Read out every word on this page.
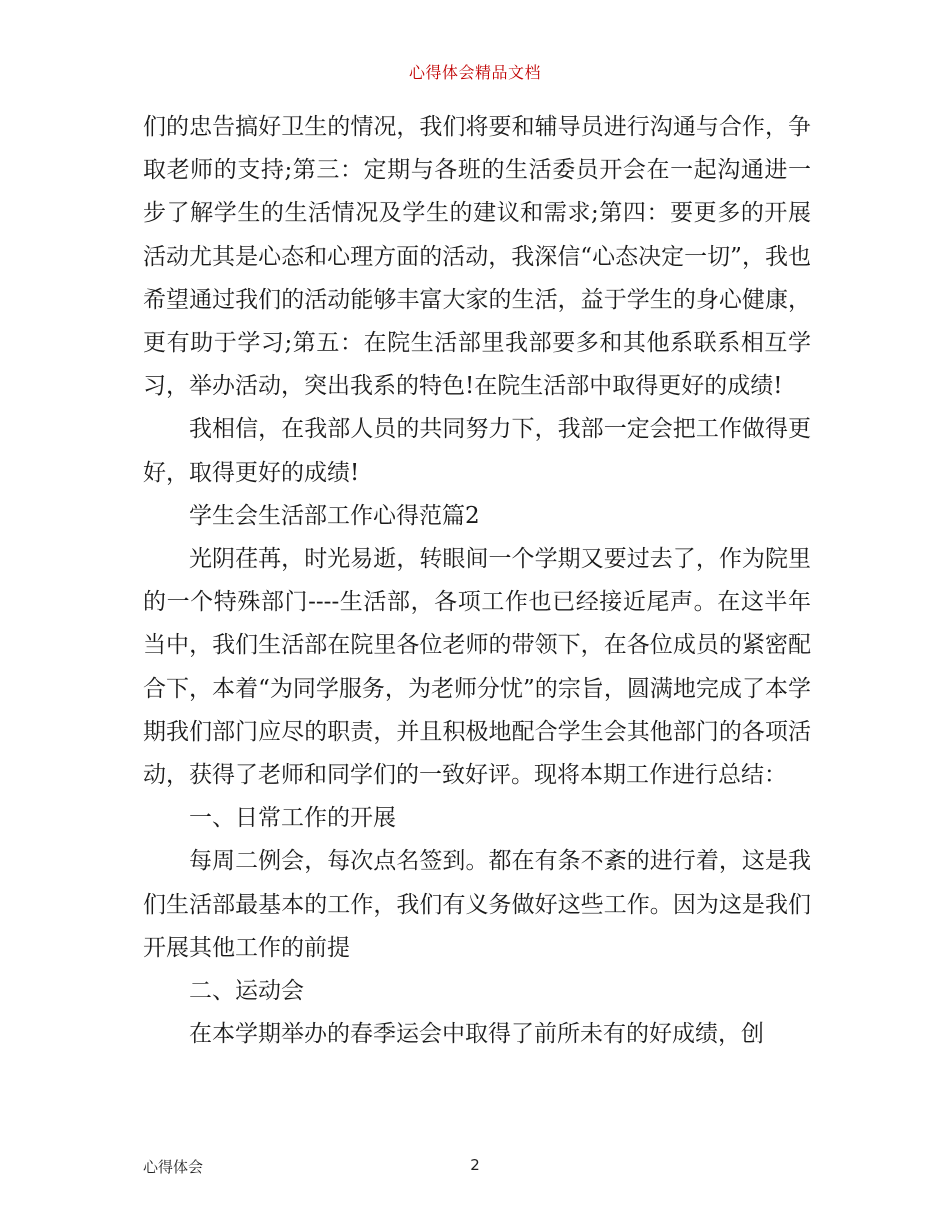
心得体会精品文档

们的忠告搞好卫生的情况，我们将要和辅导员进行沟通与合作，争取老师的支持;第三：定期与各班的生活委员开会在一起沟通进一步了解学生的生活情况及学生的建议和需求;第四：要更多的开展活动尤其是心态和心理方面的活动，我深信“心态决定一切”，我也希望通过我们的活动能够丰富大家的生活，益于学生的身心健康，更有助于学习;第五：在院生活部里我部要多和其他系联系相互学习，举办活动，突出我系的特色!在院生活部中取得更好的成绩!

我相信，在我部人员的共同努力下，我部一定会把工作做得更好，取得更好的成绩!

学生会生活部工作心得范篇2

光阴荏苒，时光易逝，转眼间一个学期又要过去了，作为院里的一个特殊部门----生活部，各项工作也已经接近尾声。在这半年当中，我们生活部在院里各位老师的带领下，在各位成员的紧密配合下，本着“为同学服务，为老师分忧”的宗旨，圆满地完成了本学期我们部门应尽的职责，并且积极地配合学生会其他部门的各项活动，获得了老师和同学们的一致好评。现将本期工作进行总结：

一、日常工作的开展

每周二例会，每次点名签到。都在有条不紊的进行着，这是我们生活部最基本的工作，我们有义务做好这些工作。因为这是我们开展其他工作的前提

二、运动会

在本学期举办的春季运会中取得了前所未有的好成绩，创

心得体会	2
